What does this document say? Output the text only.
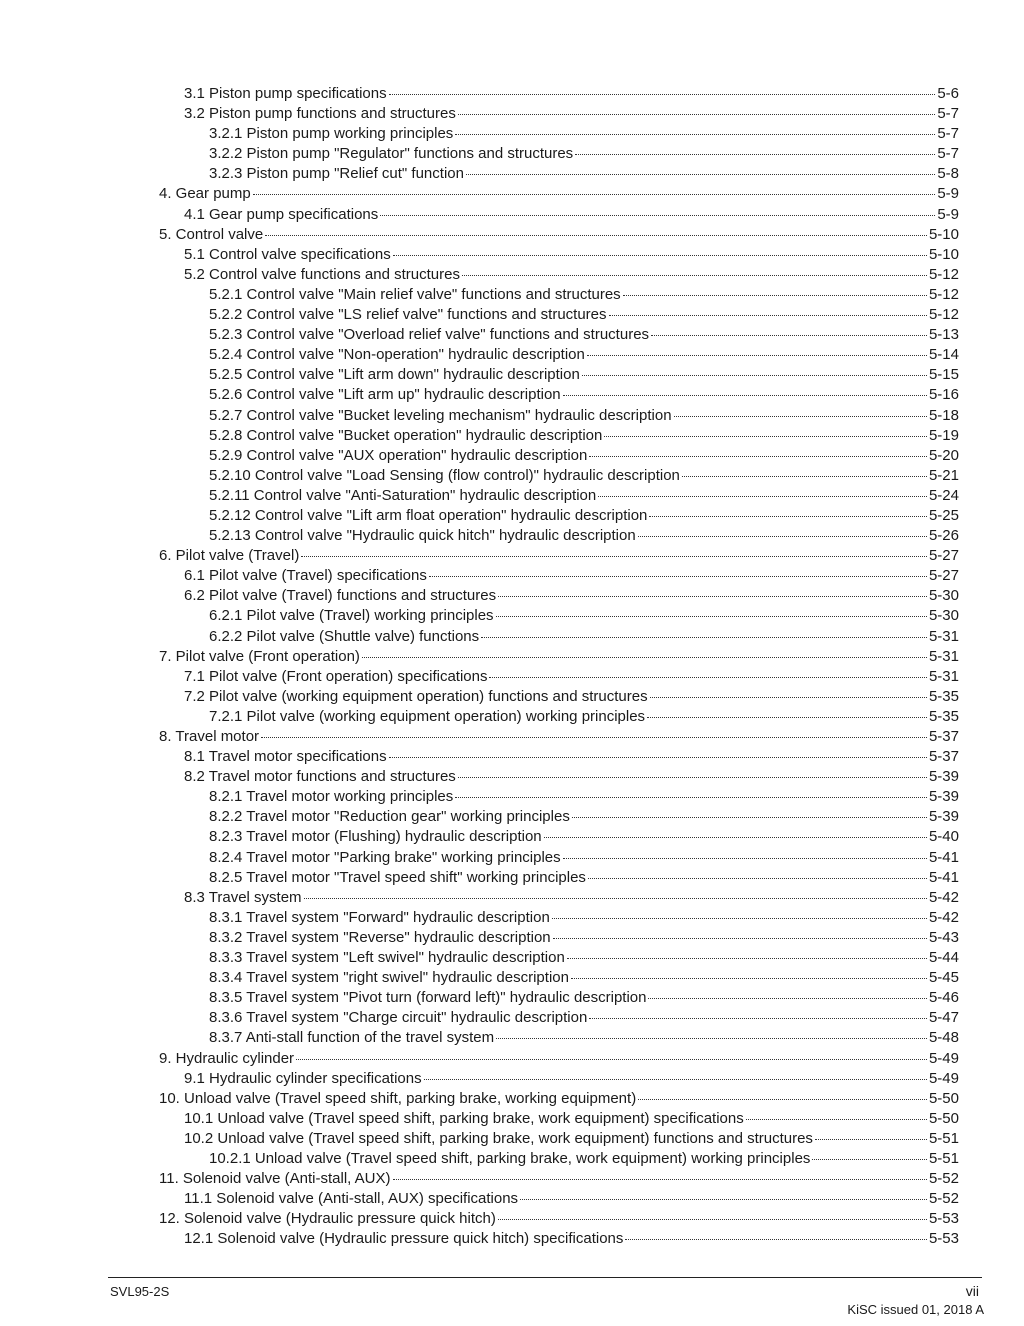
3.1 Piston pump specifications	5-6
3.2 Piston pump functions and structures	5-7
3.2.1 Piston pump working principles	5-7
3.2.2 Piston pump "Regulator" functions and structures	5-7
3.2.3 Piston pump "Relief cut" function	5-8
4. Gear pump	5-9
4.1 Gear pump specifications	5-9
5. Control valve	5-10
5.1 Control valve specifications	5-10
5.2 Control valve functions and structures	5-12
5.2.1 Control valve "Main relief valve" functions and structures	5-12
5.2.2 Control valve "LS relief valve" functions and structures	5-12
5.2.3 Control valve "Overload relief valve" functions and structures	5-13
5.2.4 Control valve "Non-operation" hydraulic description	5-14
5.2.5 Control valve "Lift arm down" hydraulic description	5-15
5.2.6 Control valve "Lift arm up" hydraulic description	5-16
5.2.7 Control valve "Bucket leveling mechanism" hydraulic description	5-18
5.2.8 Control valve "Bucket operation" hydraulic description	5-19
5.2.9 Control valve "AUX operation" hydraulic description	5-20
5.2.10 Control valve "Load Sensing (flow control)" hydraulic description	5-21
5.2.11 Control valve "Anti-Saturation" hydraulic description	5-24
5.2.12 Control valve "Lift arm float operation" hydraulic description	5-25
5.2.13 Control valve "Hydraulic quick hitch" hydraulic description	5-26
6. Pilot valve (Travel)	5-27
6.1 Pilot valve (Travel) specifications	5-27
6.2 Pilot valve (Travel) functions and structures	5-30
6.2.1 Pilot valve (Travel) working principles	5-30
6.2.2 Pilot valve (Shuttle valve) functions	5-31
7. Pilot valve (Front operation)	5-31
7.1 Pilot valve (Front operation) specifications	5-31
7.2 Pilot valve (working equipment operation) functions and structures	5-35
7.2.1 Pilot valve (working equipment operation) working principles	5-35
8. Travel motor	5-37
8.1 Travel motor specifications	5-37
8.2 Travel motor functions and structures	5-39
8.2.1 Travel motor working principles	5-39
8.2.2 Travel motor "Reduction gear" working principles	5-39
8.2.3 Travel motor (Flushing) hydraulic description	5-40
8.2.4 Travel motor "Parking brake" working principles	5-41
8.2.5 Travel motor "Travel speed shift" working principles	5-41
8.3 Travel system	5-42
8.3.1 Travel system "Forward" hydraulic description	5-42
8.3.2 Travel system "Reverse" hydraulic description	5-43
8.3.3 Travel system "Left swivel" hydraulic description	5-44
8.3.4 Travel system "right swivel" hydraulic description	5-45
8.3.5 Travel system "Pivot turn (forward left)" hydraulic description	5-46
8.3.6 Travel system "Charge circuit" hydraulic description	5-47
8.3.7 Anti-stall function of the travel system	5-48
9. Hydraulic cylinder	5-49
9.1 Hydraulic cylinder specifications	5-49
10. Unload valve (Travel speed shift, parking brake, working equipment)	5-50
10.1 Unload valve (Travel speed shift, parking brake, work equipment) specifications	5-50
10.2 Unload valve (Travel speed shift, parking brake, work equipment) functions and structures	5-51
10.2.1 Unload valve (Travel speed shift, parking brake, work equipment) working principles	5-51
11. Solenoid valve (Anti-stall, AUX)	5-52
11.1 Solenoid valve (Anti-stall, AUX) specifications	5-52
12. Solenoid valve (Hydraulic pressure quick hitch)	5-53
12.1 Solenoid valve (Hydraulic pressure quick hitch) specifications	5-53
SVL95-2S	vii
KiSC issued 01, 2018 A
